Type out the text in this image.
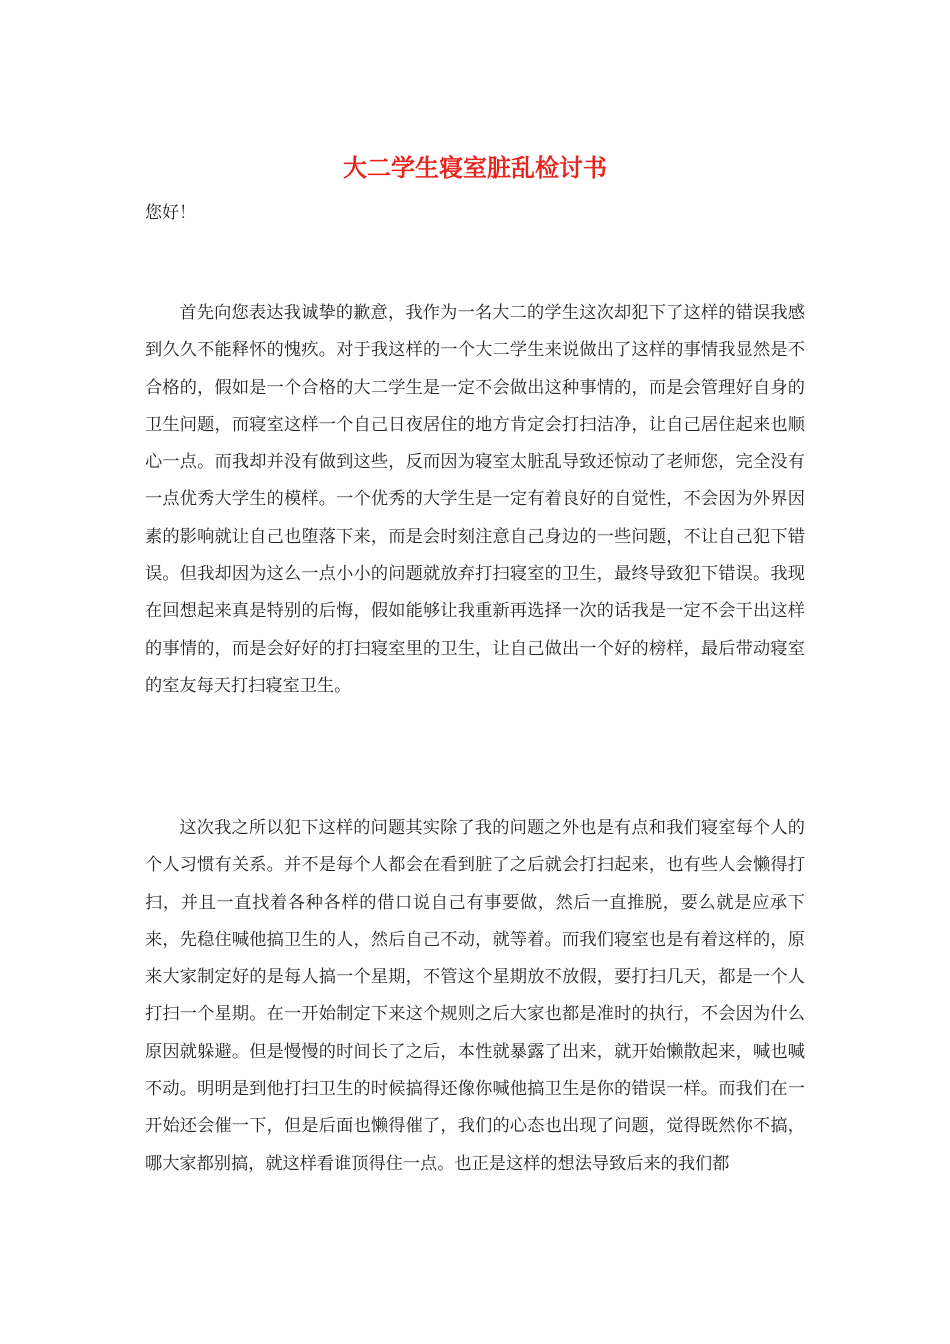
大二学生寝室脏乱检讨书

您好！

首先向您表达我诚挚的歉意，我作为一名大二的学生这次却犯下了这样的错误我感到久久不能释怀的愧疚。对于我这样的一个大二学生来说做出了这样的事情我显然是不合格的，假如是一个合格的大二学生是一定不会做出这种事情的，而是会管理好自身的卫生问题，而寝室这样一个自己日夜居住的地方肯定会打扫洁净，让自己居住起来也顺心一点。而我却并没有做到这些，反而因为寝室太脏乱导致还惊动了老师您，完全没有一点优秀大学生的模样。一个优秀的大学生是一定有着良好的自觉性，不会因为外界因素的影响就让自己也堕落下来，而是会时刻注意自己身边的一些问题，不让自己犯下错误。但我却因为这么一点小小的问题就放弃打扫寝室的卫生，最终导致犯下错误。我现在回想起来真是特别的后悔，假如能够让我重新再选择一次的话我是一定不会干出这样的事情的，而是会好好的打扫寝室里的卫生，让自己做出一个好的榜样，最后带动寝室的室友每天打扫寝室卫生。

这次我之所以犯下这样的问题其实除了我的问题之外也是有点和我们寝室每个人的个人习惯有关系。并不是每个人都会在看到脏了之后就会打扫起来，也有些人会懒得打扫，并且一直找着各种各样的借口说自己有事要做，然后一直推脱，要么就是应承下来，先稳住喊他搞卫生的人，然后自己不动，就等着。而我们寝室也是有着这样的，原来大家制定好的是每人搞一个星期，不管这个星期放不放假，要打扫几天，都是一个人打扫一个星期。在一开始制定下来这个规则之后大家也都是准时的执行，不会因为什么原因就躲避。但是慢慢的时间长了之后，本性就暴露了出来，就开始懒散起来，喊也喊不动。明明是到他打扫卫生的时候搞得还像你喊他搞卫生是你的错误一样。而我们在一开始还会催一下，但是后面也懒得催了，我们的心态也出现了问题，觉得既然你不搞，哪大家都别搞，就这样看谁顶得住一点。也正是这样的想法导致后来的我们都
